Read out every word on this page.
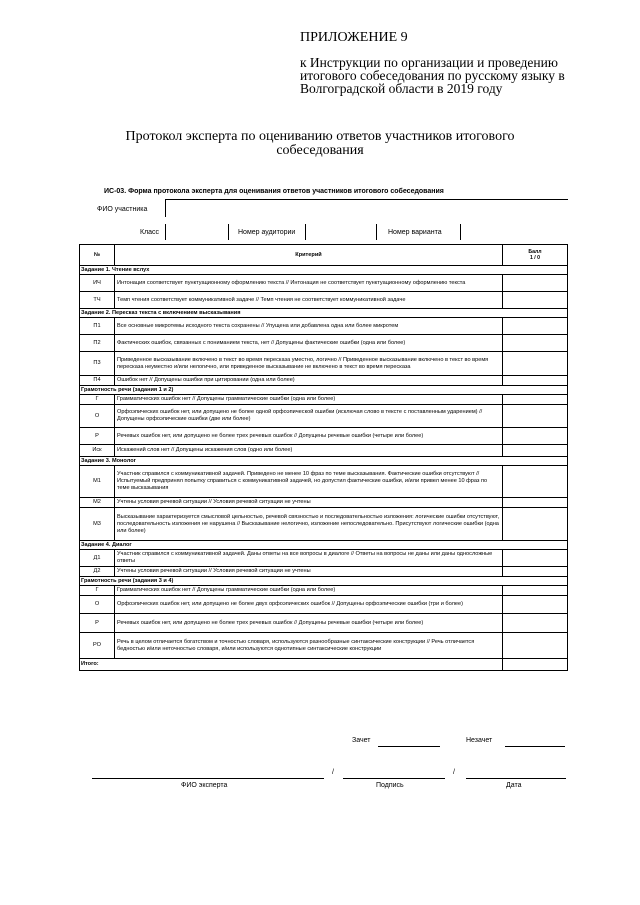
ПРИЛОЖЕНИЕ 9
к Инструкции по организации и проведению итогового собеседования по русскому языку в Волгоградской области в 2019 году
Протокол эксперта по оцениванию ответов участников итогового собеседования
ИС-03. Форма протокола эксперта для оценивания ответов участников итогового собеседования
ФИО участника
Класс	Номер аудитории	Номер варианта
№	Критерий	Балл
1 / 0
Задание 1. Чтение вслух		
ИЧ	Интонация соответствует пунктуационному оформлению текста // Интонация не соответствует пунктуационному оформлению текста	
ТЧ	Темп чтения соответствует коммуникативной задаче // Темп чтения не соответствует коммуникативной задаче	
Задание 2. Пересказ текста с включением высказывания		
П1	Все основные микротемы исходного текста сохранены // Упущена или добавлена одна или более микротем	
П2	Фактических ошибок, связанных с пониманием текста, нет // Допущены фактические ошибки (одна или более)	
П3	Приведенное высказывание включено в текст во время пересказа уместно, логично // Приведенное высказывание включено в текст во время пересказа неуместно и/или нелогично, или приведенное высказывание не включено в текст во время пересказа	
П4	Ошибок нет // Допущены ошибки при цитировании (одна или более)	
Грамотность речи (задания 1 и 2)		
Г	Грамматических ошибок нет // Допущены грамматические ошибки (одна или более)	
О	Орфоэпических ошибок нет, или допущено не более одной орфоэпической ошибки (исключая слово в тексте с поставленным ударением) // Допущены орфоэпические ошибки (две или более)	
Р	Речевых ошибок нет, или допущено не более трех речевых ошибок // Допущены речевые ошибки (четыре или более)	
Иск	Искажений слов нет // Допущены искажения слов (одно или более)	
Задание 3. Монолог		
М1	Участник справился с коммуникативной задачей. Приведено не менее 10 фраз по теме высказывания. Фактические ошибки отсутствуют // Испытуемый предпринял попытку справиться с коммуникативной задачей, но допустил фактические ошибки, и/или привел менее 10 фраз по теме высказывания	
М2	Учтены условия речевой ситуации // Условия речевой ситуации не учтены	
М3	Высказывание характеризуется смысловой цельностью, речевой связностью и последовательностью изложения: логические ошибки отсутствуют, последовательность изложения не нарушена // Высказывание нелогично, изложение непоследовательно. Присутствуют логические ошибки (одна или более)	
Задание 4. Диалог		
Д1	Участник справился с коммуникативной задачей. Даны ответы на все вопросы в диалоге // Ответы на вопросы не даны или даны односложные ответы	
Д2	Учтены условия речевой ситуации // Условия речевой ситуации не учтены	
Грамотность речи (задания 3 и 4)		
Г	Грамматических ошибок нет // Допущены грамматические ошибки (одна или более)	
О	Орфоэпических ошибок нет, или допущено не более двух орфоэпических ошибок // Допущены орфоэпические ошибки (три и более)	
Р	Речевых ошибок нет, или допущено не более трех речевых ошибок // Допущены речевые ошибки (четыре или более)	
РО	Речь в целом отличается богатством и точностью словаря, используются разнообразные синтаксические конструкции // Речь отличается бедностью и/или неточностью словаря, и/или используются однотипные синтаксические конструкции	
Итого:		
Зачет	Незачет
/	/
ФИО эксперта	Подпись	Дата
